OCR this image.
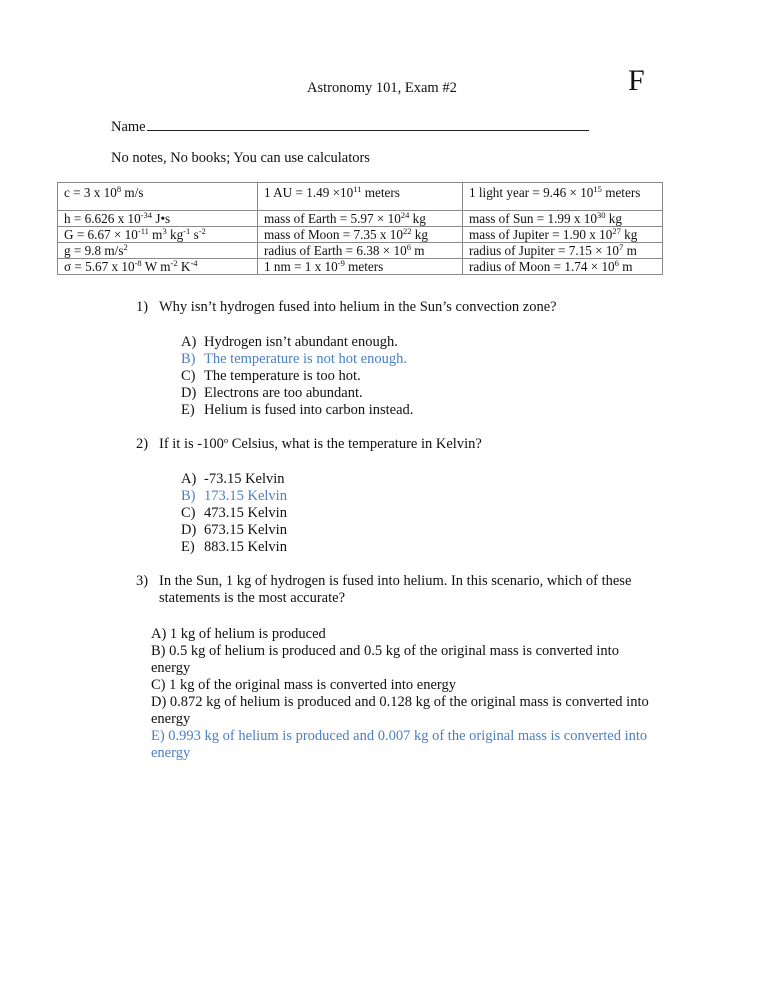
Astronomy 101, Exam #2	F
Name
No notes, No books; You can use calculators
c = 3 x $10^8$ m/s	1 AU = $1.49 \times 10^{11}$ meters	1 light year = $9.46 \times 10^{15}$ meters
h = 6.626 x $10^{-34}$ J•s	mass of Earth = $5.97 \times 10^{24}$ kg	mass of Sun = 1.99 x $10^{30}$ kg
$G = 6.67 \times 10^{-11}$ $m^3$ $kg^{-1}$ $s^{-2}$	mass of Moon = 7.35 x $10^{22}$ kg	mass of Jupiter = 1.90 x $10^{27}$ kg
g = 9.8 $m/s^2$	radius of Earth = $6.38 \times 10^6$ m	radius of Jupiter = $7.15 \times 10^7$ m
σ = 5.67 x $10^{-8}$ W $m^{-2}$ $K^{-4}$	1 nm = 1 x $10^{-9}$ meters	radius of Moon = $1.74 \times 10^6$ m
1) Why isn’t hydrogen fused into helium in the Sun’s convection zone?
A) Hydrogen isn’t abundant enough.
B) The temperature is not hot enough.
C) The temperature is too hot.
D) Electrons are too abundant.
E) Helium is fused into carbon instead.
2) If it is -100$^o$ Celsius, what is the temperature in Kelvin?
A) -73.15 Kelvin
B) 173.15 Kelvin
C) 473.15 Kelvin
D) 673.15 Kelvin
E) 883.15 Kelvin
3) In the Sun, 1 kg of hydrogen is fused into helium. In this scenario, which of these statements is the most accurate?
A) 1 kg of helium is produced
B) 0.5 kg of helium is produced and 0.5 kg of the original mass is converted into energy
C) 1 kg of the original mass is converted into energy
D) 0.872 kg of helium is produced and 0.128 kg of the original mass is converted into energy
E) 0.993 kg of helium is produced and 0.007 kg of the original mass is converted into energy
